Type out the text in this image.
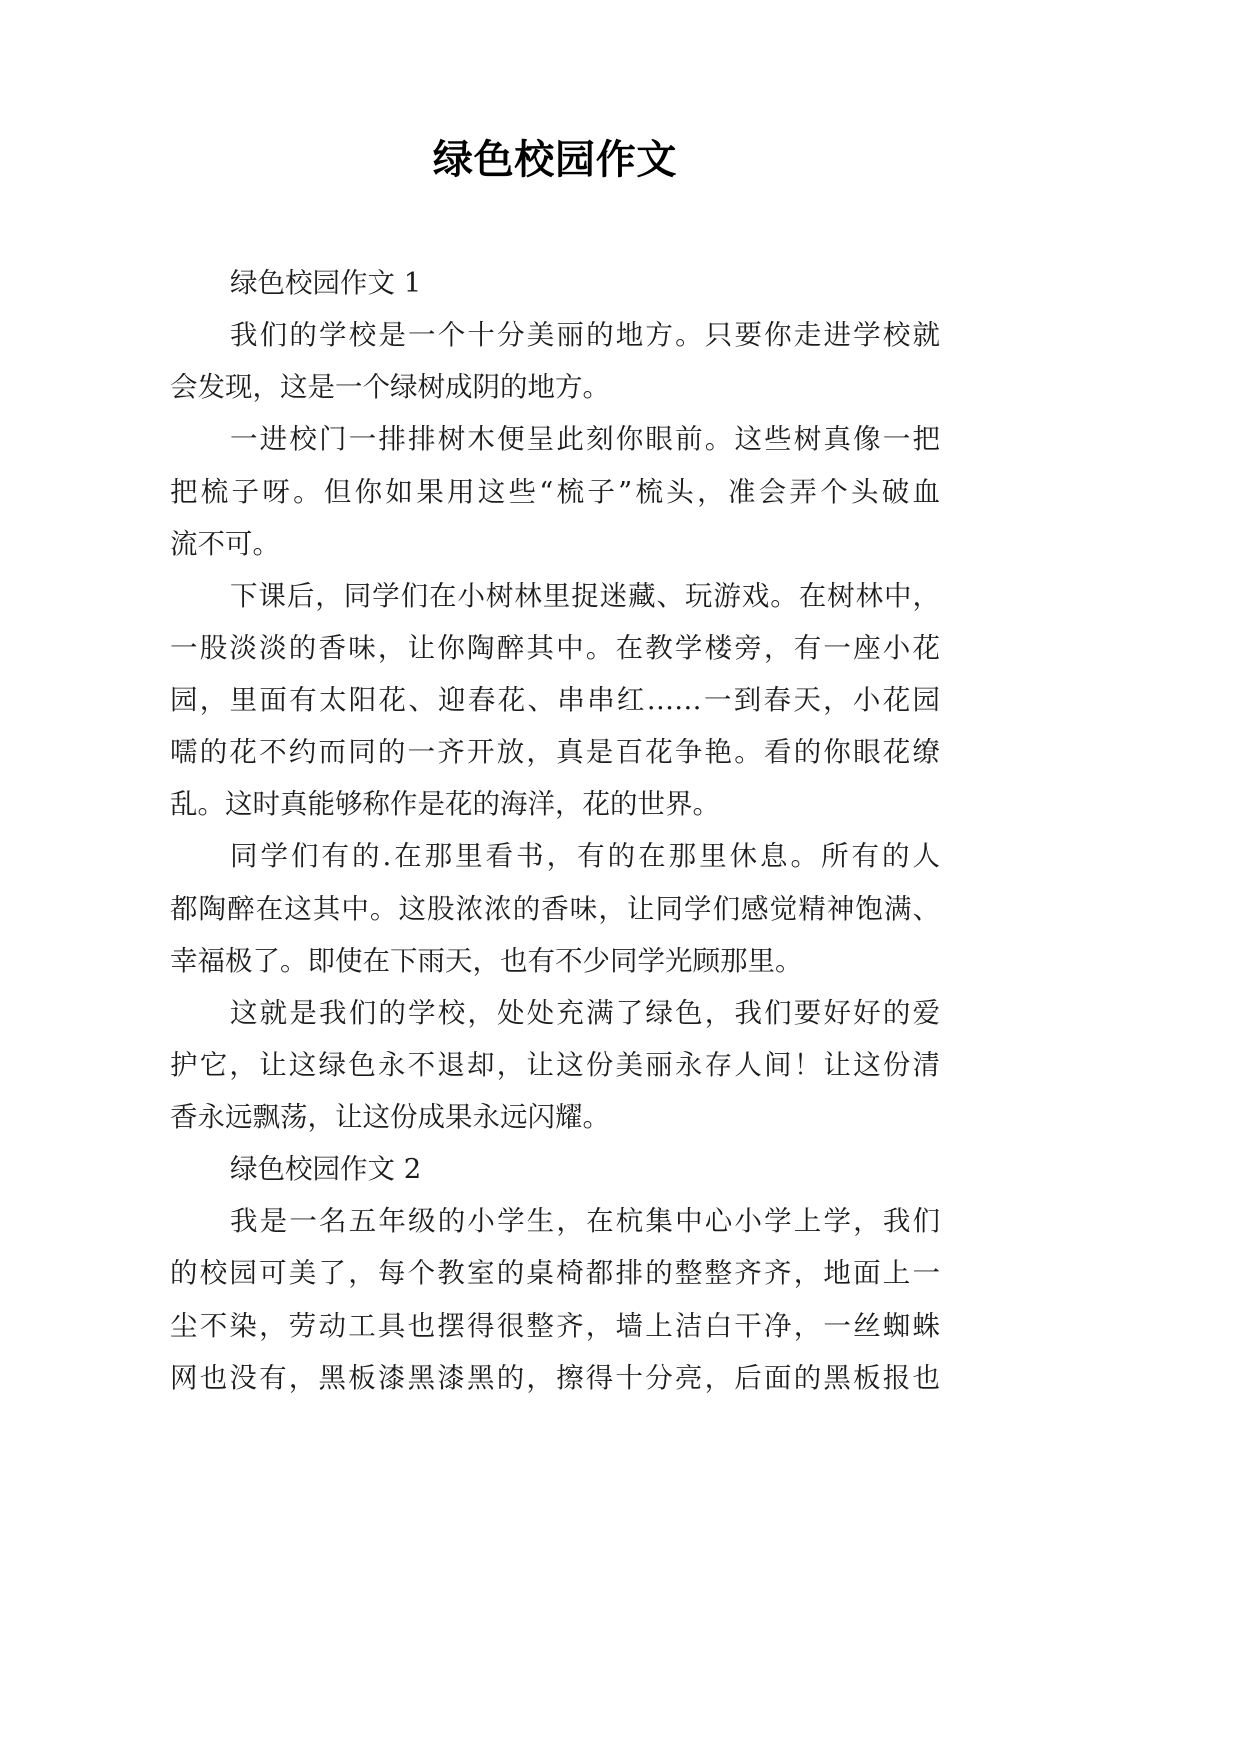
绿色校园作文
绿色校园作文 1
我们的学校是一个十分美丽的地方。只要你走进学校就
会发现，这是一个绿树成阴的地方。
一进校门一排排树木便呈此刻你眼前。这些树真像一把
把梳子呀。但你如果用这些“梳子”梳头，准会弄个头破血
流不可。
下课后，同学们在小树林里捉迷藏、玩游戏。在树林中，
一股淡淡的香味，让你陶醉其中。在教学楼旁，有一座小花
园，里面有太阳花、迎春花、串串红……一到春天，小花园
嚅的花不约而同的一齐开放，真是百花争艳。看的你眼花缭
乱。这时真能够称作是花的海洋，花的世界。
同学们有的.在那里看书，有的在那里休息。所有的人
都陶醉在这其中。这股浓浓的香味，让同学们感觉精神饱满、
幸福极了。即使在下雨天，也有不少同学光顾那里。
这就是我们的学校，处处充满了绿色，我们要好好的爱
护它，让这绿色永不退却，让这份美丽永存人间！让这份清
香永远飘荡，让这份成果永远闪耀。
绿色校园作文 2
我是一名五年级的小学生，在杭集中心小学上学，我们
的校园可美了，每个教室的桌椅都排的整整齐齐，地面上一
尘不染，劳动工具也摆得很整齐，墙上洁白干净，一丝蜘蛛
网也没有，黑板漆黑漆黑的，擦得十分亮，后面的黑板报也
